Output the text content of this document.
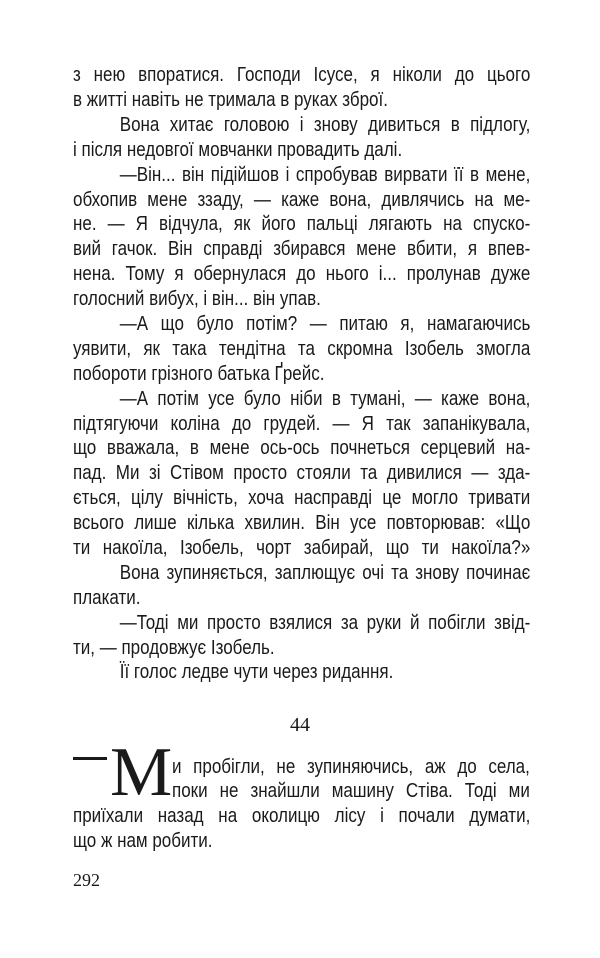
з нею впоратися. Господи Ісусе, я ніколи до цього
в житті навіть не тримала в руках зброї.
Вона хитає головою і знову дивиться в підлогу,
і після недовгої мовчанки провадить далі.
—Він... він підійшов і спробував вирвати її в мене,
обхопив мене ззаду, — каже вона, дивлячись на ме-
не. — Я відчула, як його пальці лягають на спуско-
вий гачок. Він справді збирався мене вбити, я впев-
нена. Тому я обернулася до нього і... пролунав дуже
голосний вибух, і він... він упав.
—А що було потім? — питаю я, намагаючись
уявити, як така тендітна та скромна Ізобель змогла
побороти грізного батька Ґрейс.
—А потім усе було ніби в тумані, — каже вона,
підтягуючи коліна до грудей. — Я так запанікувала,
що вважала, в мене ось-ось почнеться серцевий на-
пад. Ми зі Стівом просто стояли та дивилися — зда-
ється, цілу вічність, хоча насправді це могло тривати
всього лише кілька хвилин. Він усе повторював: «Що
ти накоїла, Ізобель, чорт забирай, що ти накоїла?»
Вона зупиняється, заплющує очі та знову починає
плакати.
—Тоді ми просто взялися за руки й побігли звід-
ти, — продовжує Ізобель.
Її голос ледве чути через ридання.
44
М и пробігли, не зупиняючись, аж до села,
поки не знайшли машину Стіва. Тоді ми
приїхали назад на околицю лісу і почали думати,
що ж нам робити.
292
